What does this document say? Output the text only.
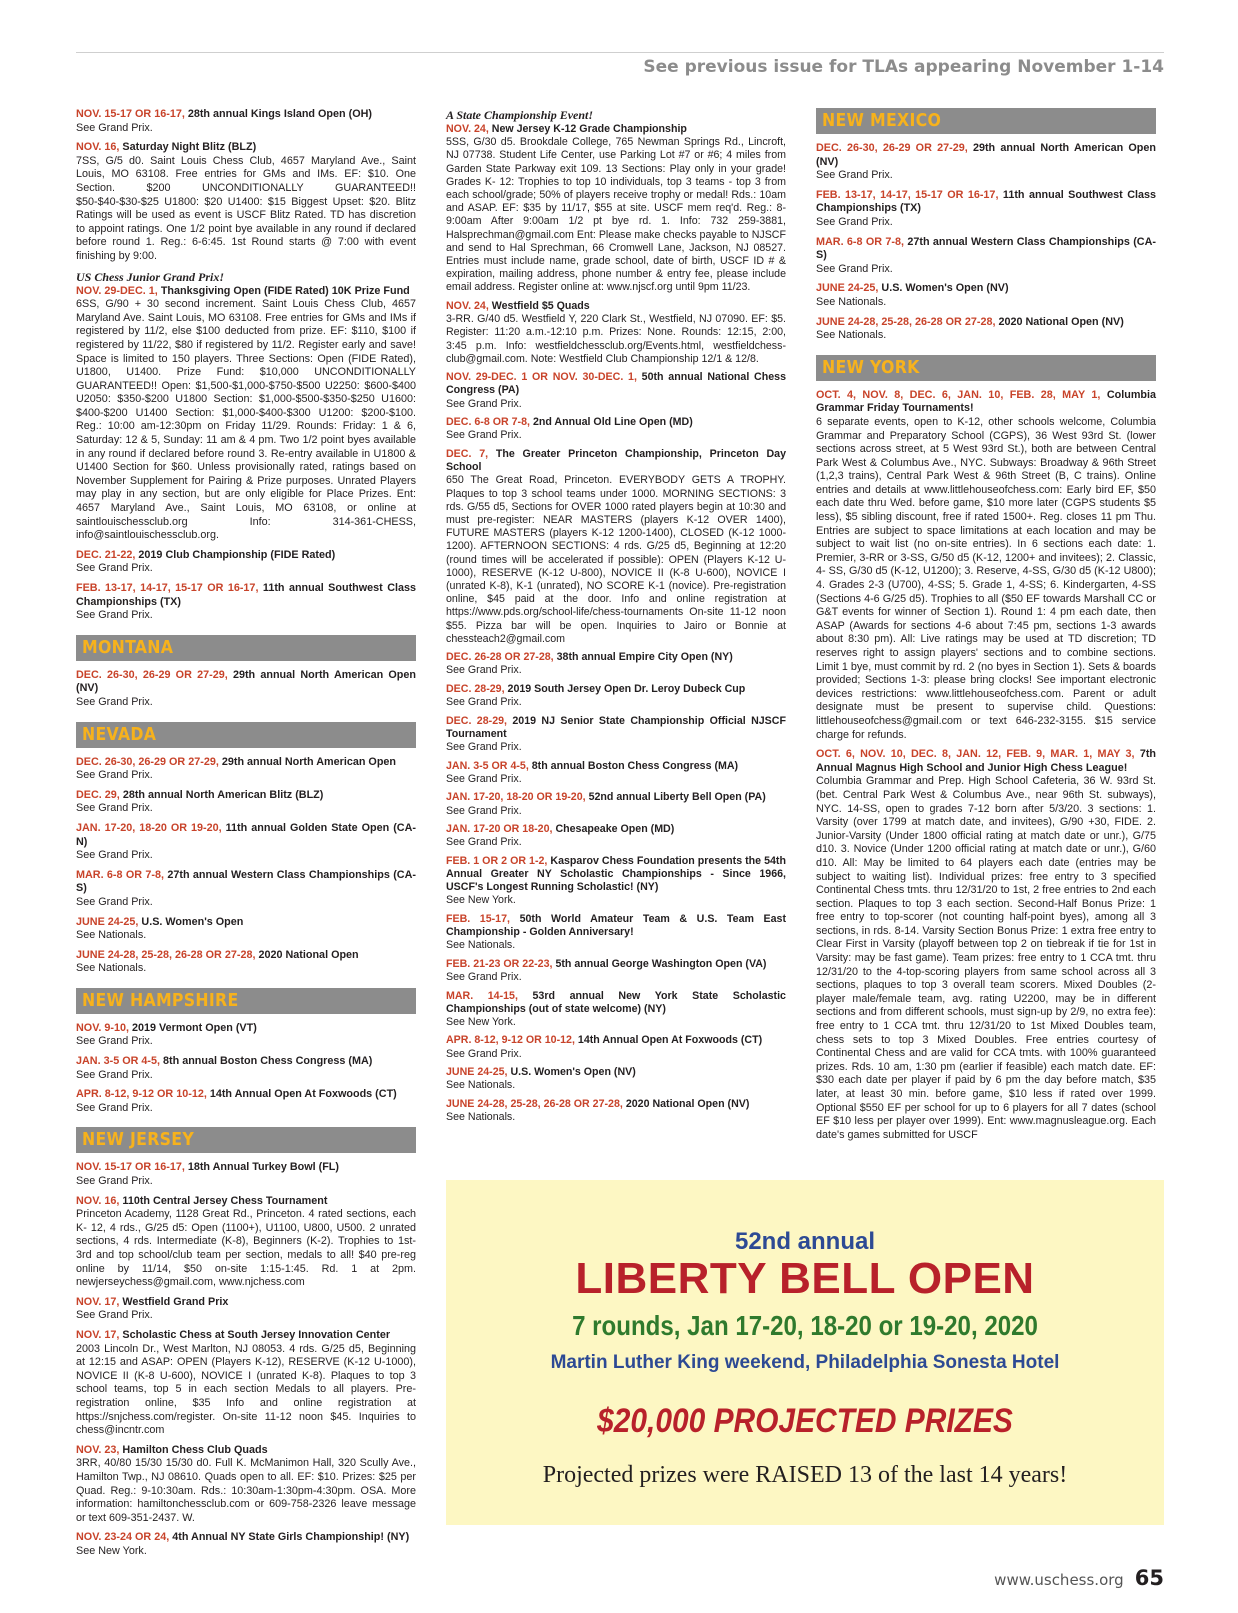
See previous issue for TLAs appearing November 1-14
NOV. 15-17 OR 16-17, 28th annual Kings Island Open (OH)
See Grand Prix.
NOV. 16, Saturday Night Blitz (BLZ)
7SS, G/5 d0. Saint Louis Chess Club, 4657 Maryland Ave., Saint Louis, MO 63108. Free entries for GMs and IMs. EF: $10. One Section. $200 UNCONDITIONALLY GUARANTEED!! $50-$40-$30-$25 U1800: $20 U1400: $15 Biggest Upset: $20. Blitz Ratings will be used as event is USCF Blitz Rated. TD has discretion to appoint ratings. One 1/2 point bye available in any round if declared before round 1. Reg.: 6-6:45. 1st Round starts @ 7:00 with event finishing by 9:00.
US Chess Junior Grand Prix!
NOV. 29-DEC. 1, Thanksgiving Open (FIDE Rated) 10K Prize Fund
6SS, G/90 + 30 second increment. Saint Louis Chess Club, 4657 Maryland Ave. Saint Louis, MO 63108. Free entries for GMs and IMs if registered by 11/2, else $100 deducted from prize. EF: $110, $100 if registered by 11/22, $80 if registered by 11/2. Register early and save! Space is limited to 150 players. Three Sections: Open (FIDE Rated), U1800, U1400. Prize Fund: $10,000 UNCONDITIONALLY GUARANTEED!! Open: $1,500-$1,000-$750-$500 U2250: $600-$400 U2050: $350-$200 U1800 Section: $1,000-$500-$350-$250 U1600: $400-$200 U1400 Section: $1,000-$400-$300 U1200: $200-$100. Reg.: 10:00 am-12:30pm on Friday 11/29. Rounds: Friday: 1 & 6, Saturday: 12 & 5, Sunday: 11 am & 4 pm. Two 1/2 point byes available in any round if declared before round 3. Re-entry available in U1800 & U1400 Section for $60. Unless provisionally rated, ratings based on November Supplement for Pairing & Prize purposes. Unrated Players may play in any section, but are only eligible for Place Prizes. Ent: 4657 Maryland Ave., Saint Louis, MO 63108, or online at saintlouischessclub.org Info: 314-361-CHESS, info@saintlouischessclub.org.
DEC. 21-22, 2019 Club Championship (FIDE Rated)
See Grand Prix.
FEB. 13-17, 14-17, 15-17 OR 16-17, 11th annual Southwest Class Championships (TX)
See Grand Prix.
MONTANA
DEC. 26-30, 26-29 OR 27-29, 29th annual North American Open (NV)
See Grand Prix.
NEVADA
DEC. 26-30, 26-29 OR 27-29, 29th annual North American Open
See Grand Prix.
DEC. 29, 28th annual North American Blitz (BLZ)
See Grand Prix.
JAN. 17-20, 18-20 OR 19-20, 11th annual Golden State Open (CA-N)
See Grand Prix.
MAR. 6-8 OR 7-8, 27th annual Western Class Championships (CA-S)
See Grand Prix.
JUNE 24-25, U.S. Women's Open
See Nationals.
JUNE 24-28, 25-28, 26-28 OR 27-28, 2020 National Open
See Nationals.
NEW HAMPSHIRE
NOV. 9-10, 2019 Vermont Open (VT)
See Grand Prix.
JAN. 3-5 OR 4-5, 8th annual Boston Chess Congress (MA)
See Grand Prix.
APR. 8-12, 9-12 OR 10-12, 14th Annual Open At Foxwoods (CT)
See Grand Prix.
NEW JERSEY
NOV. 15-17 OR 16-17, 18th Annual Turkey Bowl (FL)
See Grand Prix.
NOV. 16, 110th Central Jersey Chess Tournament
Princeton Academy, 1128 Great Rd., Princeton. 4 rated sections, each K- 12, 4 rds., G/25 d5: Open (1100+), U1100, U800, U500. 2 unrated sections, 4 rds. Intermediate (K-8), Beginners (K-2). Trophies to 1st-3rd and top school/club team per section, medals to all! $40 pre-reg online by 11/14, $50 on-site 1:15-1:45. Rd. 1 at 2pm. newjerseychess@gmail.com, www.njchess.com
NOV. 17, Westfield Grand Prix
See Grand Prix.
NOV. 17, Scholastic Chess at South Jersey Innovation Center
2003 Lincoln Dr., West Marlton, NJ 08053. 4 rds. G/25 d5, Beginning at 12:15 and ASAP: OPEN (Players K-12), RESERVE (K-12 U-1000), NOVICE II (K-8 U-600), NOVICE I (unrated K-8). Plaques to top 3 school teams, top 5 in each section Medals to all players. Pre-registration online, $35 Info and online registration at https://snjchess.com/register. On-site 11-12 noon $45. Inquiries to chess@incntr.com
NOV. 23, Hamilton Chess Club Quads
3RR, 40/80 15/30 15/30 d0. Full K. McManimon Hall, 320 Scully Ave., Hamilton Twp., NJ 08610. Quads open to all. EF: $10. Prizes: $25 per Quad. Reg.: 9-10:30am. Rds.: 10:30am-1:30pm-4:30pm. OSA. More information: hamiltonchessclub.com or 609-758-2326 leave message or text 609-351-2437. W.
NOV. 23-24 OR 24, 4th Annual NY State Girls Championship! (NY)
See New York.
A State Championship Event!
NOV. 24, New Jersey K-12 Grade Championship
5SS, G/30 d5. Brookdale College, 765 Newman Springs Rd., Lincroft, NJ 07738. Student Life Center, use Parking Lot #7 or #6; 4 miles from Garden State Parkway exit 109. 13 Sections: Play only in your grade! Grades K- 12: Trophies to top 10 individuals, top 3 teams - top 3 from each school/grade; 50% of players receive trophy or medal! Rds.: 10am and ASAP. EF: $35 by 11/17, $55 at site. USCF mem req'd. Reg.: 8-9:00am After 9:00am 1/2 pt bye rd. 1. Info: 732 259-3881, Halsprechman@gmail.com Ent: Please make checks payable to NJSCF and send to Hal Sprechman, 66 Cromwell Lane, Jackson, NJ 08527. Entries must include name, grade school, date of birth, USCF ID # & expiration, mailing address, phone number & entry fee, please include email address. Register online at: www.njscf.org until 9pm 11/23.
NOV. 24, Westfield $5 Quads
3-RR. G/40 d5. Westfield Y, 220 Clark St., Westfield, NJ 07090. EF: $5. Register: 11:20 a.m.-12:10 p.m. Prizes: None. Rounds: 12:15, 2:00, 3:45 p.m. Info: westfieldchessclub.org/Events.html, westfieldchess-club@gmail.com. Note: Westfield Club Championship 12/1 & 12/8.
NOV. 29-DEC. 1 OR NOV. 30-DEC. 1, 50th annual National Chess Congress (PA)
See Grand Prix.
DEC. 6-8 OR 7-8, 2nd Annual Old Line Open (MD)
See Grand Prix.
DEC. 7, The Greater Princeton Championship, Princeton Day School
650 The Great Road, Princeton. EVERYBODY GETS A TROPHY. Plaques to top 3 school teams under 1000. MORNING SECTIONS: 3 rds. G/55 d5, Sections for OVER 1000 rated players begin at 10:30 and must pre-register: NEAR MASTERS (players K-12 OVER 1400), FUTURE MASTERS (players K-12 1200-1400), CLOSED (K-12 1000-1200). AFTERNOON SECTIONS: 4 rds. G/25 d5, Beginning at 12:20 (round times will be accelerated if possible): OPEN (Players K-12 U-1000), RESERVE (K-12 U-800), NOVICE II (K-8 U-600), NOVICE I (unrated K-8), K-1 (unrated), NO SCORE K-1 (novice). Pre-registration online, $45 paid at the door. Info and online registration at https://www.pds.org/school-life/chess-tournaments On-site 11-12 noon $55. Pizza bar will be open. Inquiries to Jairo or Bonnie at chessteach2@gmail.com
DEC. 26-28 OR 27-28, 38th annual Empire City Open (NY)
See Grand Prix.
DEC. 28-29, 2019 South Jersey Open Dr. Leroy Dubeck Cup
See Grand Prix.
DEC. 28-29, 2019 NJ Senior State Championship Official NJSCF Tournament
See Grand Prix.
JAN. 3-5 OR 4-5, 8th annual Boston Chess Congress (MA)
See Grand Prix.
JAN. 17-20, 18-20 OR 19-20, 52nd annual Liberty Bell Open (PA)
See Grand Prix.
JAN. 17-20 OR 18-20, Chesapeake Open (MD)
See Grand Prix.
FEB. 1 OR 2 OR 1-2, Kasparov Chess Foundation presents the 54th Annual Greater NY Scholastic Championships - Since 1966, USCF's Longest Running Scholastic! (NY)
See New York.
FEB. 15-17, 50th World Amateur Team & U.S. Team East Championship - Golden Anniversary!
See Nationals.
FEB. 21-23 OR 22-23, 5th annual George Washington Open (VA)
See Grand Prix.
MAR. 14-15, 53rd annual New York State Scholastic Championships (out of state welcome) (NY)
See New York.
APR. 8-12, 9-12 OR 10-12, 14th Annual Open At Foxwoods (CT)
See Grand Prix.
JUNE 24-25, U.S. Women's Open (NV)
See Nationals.
JUNE 24-28, 25-28, 26-28 OR 27-28, 2020 National Open (NV)
See Nationals.
NEW MEXICO
DEC. 26-30, 26-29 OR 27-29, 29th annual North American Open (NV)
See Grand Prix.
FEB. 13-17, 14-17, 15-17 OR 16-17, 11th annual Southwest Class Championships (TX)
See Grand Prix.
MAR. 6-8 OR 7-8, 27th annual Western Class Championships (CA-S)
See Grand Prix.
JUNE 24-25, U.S. Women's Open (NV)
See Nationals.
JUNE 24-28, 25-28, 26-28 OR 27-28, 2020 National Open (NV)
See Nationals.
NEW YORK
OCT. 4, NOV. 8, DEC. 6, JAN. 10, FEB. 28, MAY 1, Columbia Grammar Friday Tournaments!
6 separate events, open to K-12, other schools welcome, Columbia Grammar and Preparatory School (CGPS), 36 West 93rd St. (lower sections across street, at 5 West 93rd St.), both are between Central Park West & Columbus Ave., NYC. Subways: Broadway & 96th Street (1,2,3 trains), Central Park West & 96th Street (B, C trains). Online entries and details at www.littlehouseofchess.com: Early bird EF, $50 each date thru Wed. before game, $10 more later (CGPS students $5 less), $5 sibling discount, free if rated 1500+. Reg. closes 11 pm Thu. Entries are subject to space limitations at each location and may be subject to wait list (no on-site entries). In 6 sections each date: 1. Premier, 3-RR or 3-SS, G/50 d5 (K-12, 1200+ and invitees); 2. Classic, 4- SS, G/30 d5 (K-12, U1200); 3. Reserve, 4-SS, G/30 d5 (K-12 U800); 4. Grades 2-3 (U700), 4-SS; 5. Grade 1, 4-SS; 6. Kindergarten, 4-SS (Sections 4-6 G/25 d5). Trophies to all ($50 EF towards Marshall CC or G&T events for winner of Section 1). Round 1: 4 pm each date, then ASAP (Awards for sections 4-6 about 7:45 pm, sections 1-3 awards about 8:30 pm). All: Live ratings may be used at TD discretion; TD reserves right to assign players' sections and to combine sections. Limit 1 bye, must commit by rd. 2 (no byes in Section 1). Sets & boards provided; Sections 1-3: please bring clocks! See important electronic devices restrictions: www.littlehouseofchess.com. Parent or adult designate must be present to supervise child. Questions: littlehouseofchess@gmail.com or text 646-232-3155. $15 service charge for refunds.
OCT. 6, NOV. 10, DEC. 8, JAN. 12, FEB. 9, MAR. 1, MAY 3, 7th Annual Magnus High School and Junior High Chess League!
Columbia Grammar and Prep. High School Cafeteria, 36 W. 93rd St. (bet. Central Park West & Columbus Ave., near 96th St. subways), NYC. 14-SS, open to grades 7-12 born after 5/3/20. 3 sections: 1. Varsity (over 1799 at match date, and invitees), G/90 +30, FIDE. 2. Junior-Varsity (Under 1800 official rating at match date or unr.), G/75 d10. 3. Novice (Under 1200 official rating at match date or unr.), G/60 d10. All: May be limited to 64 players each date (entries may be subject to waiting list). Individual prizes: free entry to 3 specified Continental Chess tmts. thru 12/31/20 to 1st, 2 free entries to 2nd each section. Plaques to top 3 each section. Second-Half Bonus Prize: 1 free entry to top-scorer (not counting half-point byes), among all 3 sections, in rds. 8-14. Varsity Section Bonus Prize: 1 extra free entry to Clear First in Varsity (playoff between top 2 on tiebreak if tie for 1st in Varsity: may be fast game). Team prizes: free entry to 1 CCA tmt. thru 12/31/20 to the 4-top-scoring players from same school across all 3 sections, plaques to top 3 overall team scorers. Mixed Doubles (2-player male/female team, avg. rating U2200, may be in different sections and from different schools, must sign-up by 2/9, no extra fee): free entry to 1 CCA tmt. thru 12/31/20 to 1st Mixed Doubles team, chess sets to top 3 Mixed Doubles. Free entries courtesy of Continental Chess and are valid for CCA tmts. with 100% guaranteed prizes. Rds. 10 am, 1:30 pm (earlier if feasible) each match date. EF: $30 each date per player if paid by 6 pm the day before match, $35 later, at least 30 min. before game, $10 less if rated over 1999. Optional $550 EF per school for up to 6 players for all 7 dates (school EF $10 less per player over 1999). Ent: www.magnusleague.org. Each date's games submitted for USCF
52nd annual
LIBERTY BELL OPEN
7 rounds, Jan 17-20, 18-20 or 19-20, 2020
Martin Luther King weekend, Philadelphia Sonesta Hotel
$20,000 PROJECTED PRIZES
Projected prizes were RAISED 13 of the last 14 years!
www.uschess.org 65
